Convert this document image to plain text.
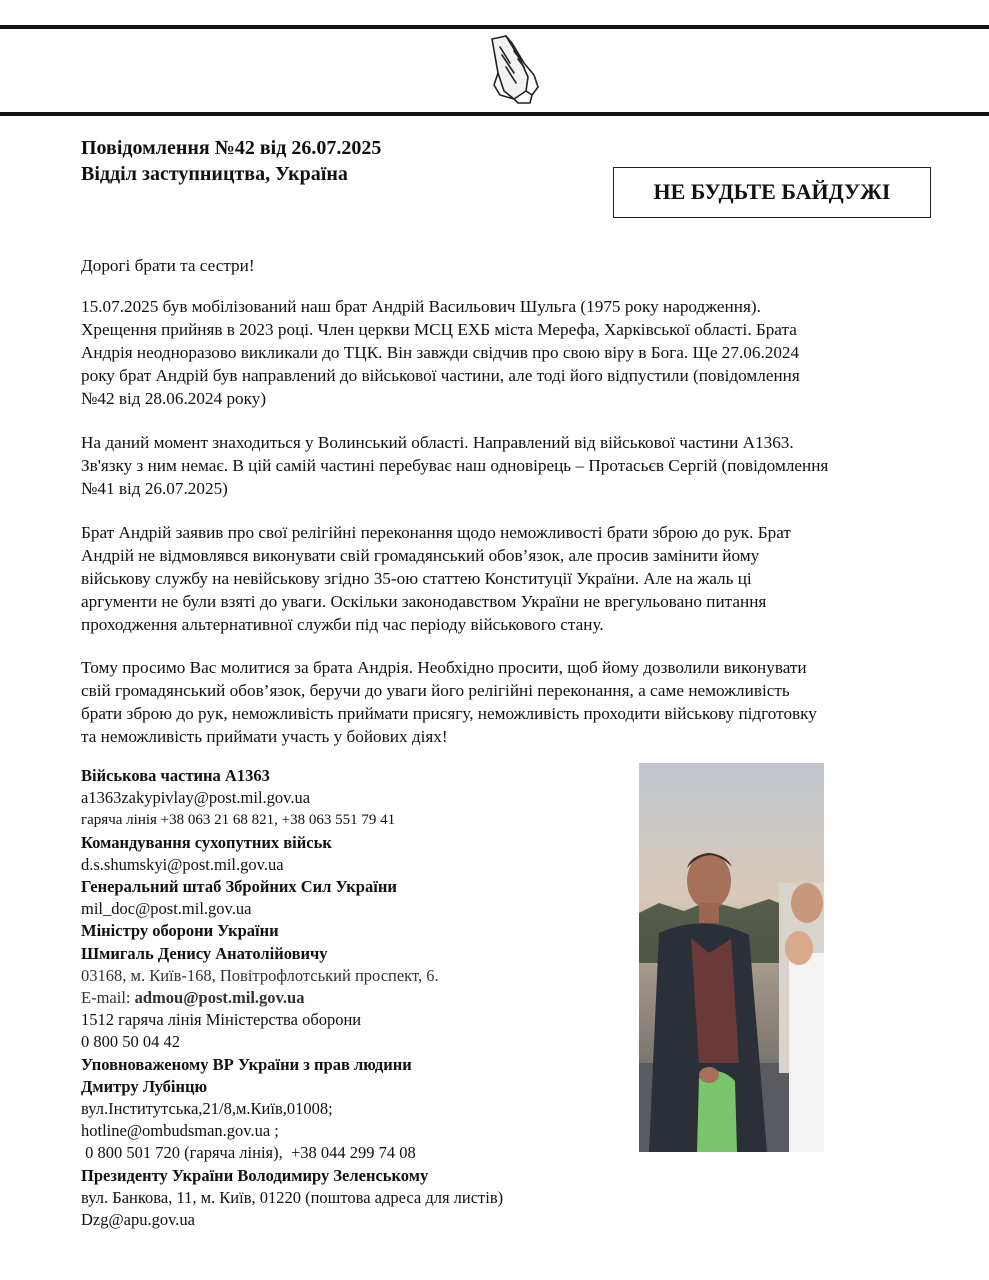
Повідомлення №42 від 26.07.2025
Відділ заступництва, Україна
НЕ БУДЬТЕ БАЙДУЖІ
Дорогі брати та сестри!
15.07.2025 був мобілізований наш брат Андрій Васильович Шульга (1975 року народження).
Хрещення прийняв в 2023 році. Член церкви МСЦ ЕХБ міста Мерефа, Харківської області. Брата
Андрія неодноразово викликали до ТЦК. Він завжди свідчив про свою віру в Бога. Ще 27.06.2024
року брат Андрій був направлений до військової частини, але тоді його відпустили (повідомлення
№42 від 28.06.2024 року)
На даний момент знаходиться у Волинський області. Направлений від військової частини А1363.
Зв'язку з ним немає. В цій самій частині перебуває наш одновірець – Протасьєв Сергій (повідомлення
№41 від 26.07.2025)
Брат Андрій заявив про свої релігійні переконання щодо неможливості брати зброю до рук. Брат
Андрій не відмовлявся виконувати свій громадянський обов’язок, але просив замінити йому
військову службу на невійськову згідно 35-ою статтею Конституції України. Але на жаль ці
аргументи не були взяті до уваги. Оскільки законодавством України не врегульовано питання
проходження альтернативної служби під час періоду військового стану.
Тому просимо Вас молитися за брата Андрія. Необхідно просити, щоб йому дозволили виконувати
свій громадянський обов’язок, беручи до уваги його релігійні переконання, а саме неможливість
брати зброю до рук, неможливість приймати присягу, неможливість проходити військову підготовку
та неможливість приймати участь у бойових діях!
Військова частина А1363
a1363zakypivlay@post.mil.gov.ua
гаряча лінія +38 063 21 68 821, +38 063 551 79 41
Командування сухопутних військ
d.s.shumskyi@post.mil.gov.ua
Генеральний штаб Збройних Сил України
mil_doc@post.mil.gov.ua
Міністру оборони України
Шмигаль Денису Анатолійовичу
03168, м. Київ-168, Повітрофлотський проспект, 6.
E-mail: admou@post.mil.gov.ua
1512 гаряча лінія Міністерства оборони
0 800 50 04 42
Уповноваженому ВР України з прав людини
Дмитру Лубінцю
вул.Інститутська,21/8,м.Київ,01008;
hotline@ombudsman.gov.ua ;
0 800 501 720 (гаряча лінія),  +38 044 299 74 08
Президенту України Володимиру Зеленському
вул. Банкова, 11, м. Київ, 01220 (поштова адреса для листів)
Dzg@apu.gov.ua
